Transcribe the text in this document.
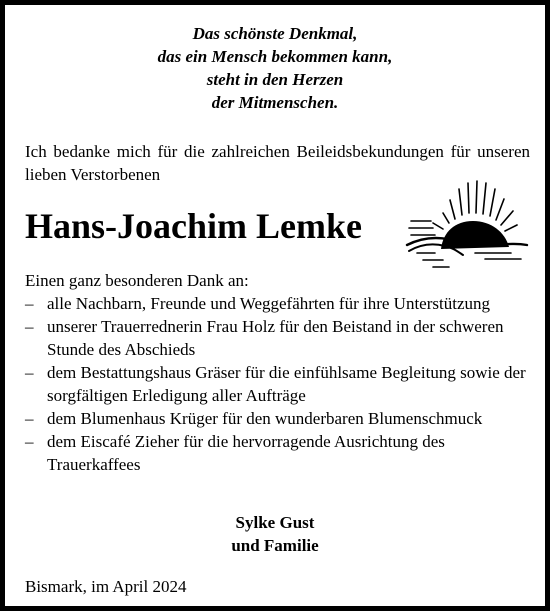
Das schönste Denkmal,
das ein Mensch bekommen kann,
steht in den Herzen
der Mitmenschen.
Ich bedanke mich für die zahlreichen Beileidsbekundungen für unseren lieben Verstorbenen
Hans-Joachim Lemke
Einen ganz besonderen Dank an:
– alle Nachbarn, Freunde und Weggefährten für ihre Unterstützung
– unserer Trauerrednerin Frau Holz für den Beistand in der schweren Stunde des Abschieds
– dem Bestattungshaus Gräser für die einfühlsame Begleitung sowie der sorgfältigen Erledigung aller Aufträge
– dem Blumenhaus Krüger für den wunderbaren Blumenschmuck
– dem Eiscafé Zieher für die hervorragende Ausrichtung des Trauerkaffees
Sylke Gust
und Familie
Bismark, im April 2024
